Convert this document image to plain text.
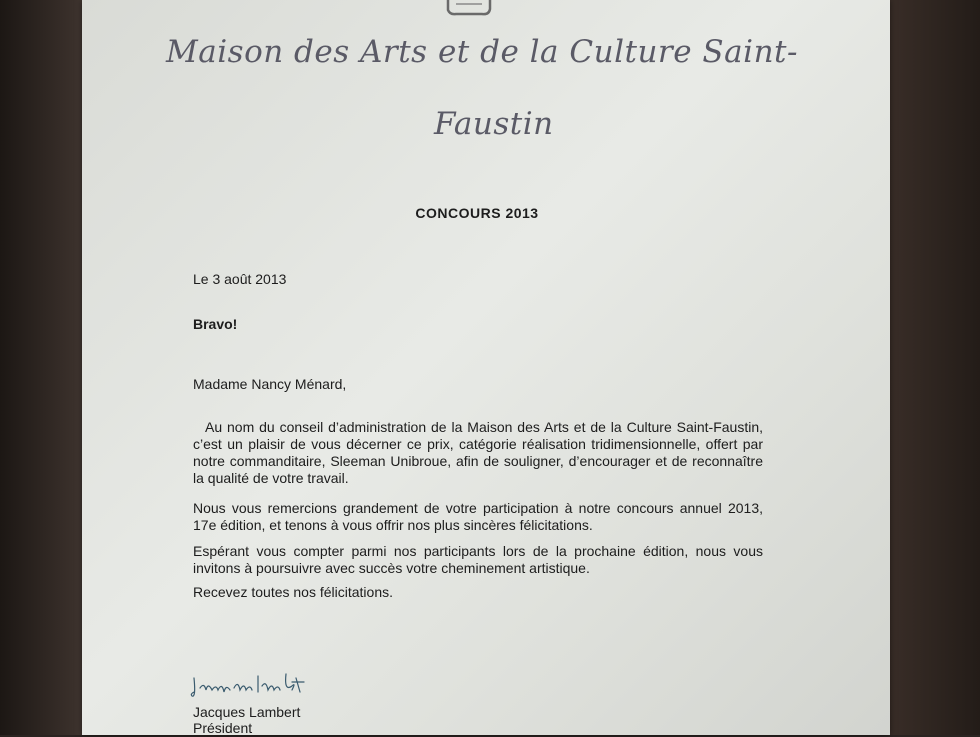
Maison des Arts et de la Culture Saint-
Faustin
CONCOURS 2013
Le 3 août 2013
Bravo!
Madame Nancy Ménard,
Au nom du conseil d’administration de la Maison des Arts et de la Culture Saint-Faustin, c’est un plaisir de vous décerner ce prix, catégorie réalisation tridimensionnelle, offert par notre commanditaire, Sleeman Unibroue, afin de souligner, d’encourager et de reconnaître la qualité de votre travail.
Nous vous remercions grandement de votre participation à notre concours annuel 2013, 17e édition, et tenons à vous offrir nos plus sincères félicitations.
Espérant vous compter parmi nos participants lors de la prochaine édition, nous vous invitons à poursuivre avec succès votre cheminement artistique.
Recevez toutes nos félicitations.
Jacques Lambert
Président
